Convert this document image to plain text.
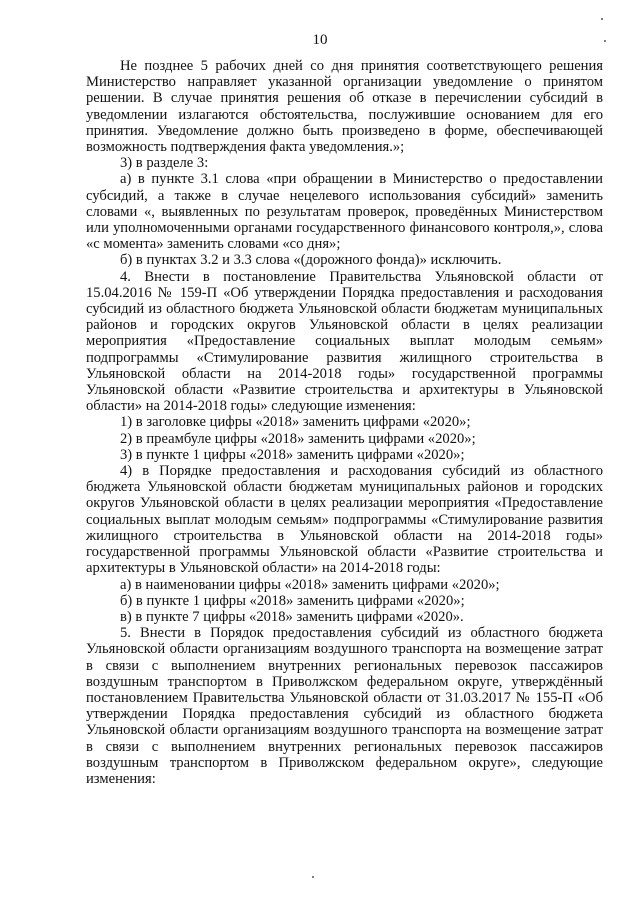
10

Не позднее 5 рабочих дней со дня принятия соответствующего решения Министерство направляет указанной организации уведомление о принятом решении. В случае принятия решения об отказе в перечислении субсидий в уведомлении излагаются обстоятельства, послужившие основанием для его принятия. Уведомление должно быть произведено в форме, обеспечивающей возможность подтверждения факта уведомления.»;

3) в разделе 3:

а) в пункте 3.1 слова «при обращении в Министерство о предоставлении субсидий, а также в случае нецелевого использования субсидий» заменить словами «, выявленных по результатам проверок, проведённых Министерством или уполномоченными органами государственного финансового контроля,», слова «с момента» заменить словами «со дня»;

б) в пунктах 3.2 и 3.3 слова «(дорожного фонда)» исключить.

4. Внести в постановление Правительства Ульяновской области от 15.04.2016 № 159-П «Об утверждении Порядка предоставления и расходования субсидий из областного бюджета Ульяновской области бюджетам муниципальных районов и городских округов Ульяновской области в целях реализации мероприятия «Предоставление социальных выплат молодым семьям» подпрограммы «Стимулирование развития жилищного строительства в Ульяновской области на 2014-2018 годы» государственной программы Ульяновской области «Развитие строительства и архитектуры в Ульяновской области» на 2014-2018 годы» следующие изменения:

1) в заголовке цифры «2018» заменить цифрами «2020»;

2) в преамбуле цифры «2018» заменить цифрами «2020»;

3) в пункте 1 цифры «2018» заменить цифрами «2020»;

4) в Порядке предоставления и расходования субсидий из областного бюджета Ульяновской области бюджетам муниципальных районов и городских округов Ульяновской области в целях реализации мероприятия «Предоставление социальных выплат молодым семьям» подпрограммы «Стимулирование развития жилищного строительства в Ульяновской области на 2014-2018 годы» государственной программы Ульяновской области «Развитие строительства и архитектуры в Ульяновской области» на 2014-2018 годы:

а) в наименовании цифры «2018» заменить цифрами «2020»;

б) в пункте 1 цифры «2018» заменить цифрами «2020»;

в) в пункте 7 цифры «2018» заменить цифрами «2020».

5. Внести в Порядок предоставления субсидий из областного бюджета Ульяновской области организациям воздушного транспорта на возмещение затрат в связи с выполнением внутренних региональных перевозок пассажиров воздушным транспортом в Приволжском федеральном округе, утверждённый постановлением Правительства Ульяновской области от 31.03.2017 № 155-П «Об утверждении Порядка предоставления субсидий из областного бюджета Ульяновской области организациям воздушного транспорта на возмещение затрат в связи с выполнением внутренних региональных перевозок пассажиров воздушным транспортом в Приволжском федеральном округе», следующие изменения:
